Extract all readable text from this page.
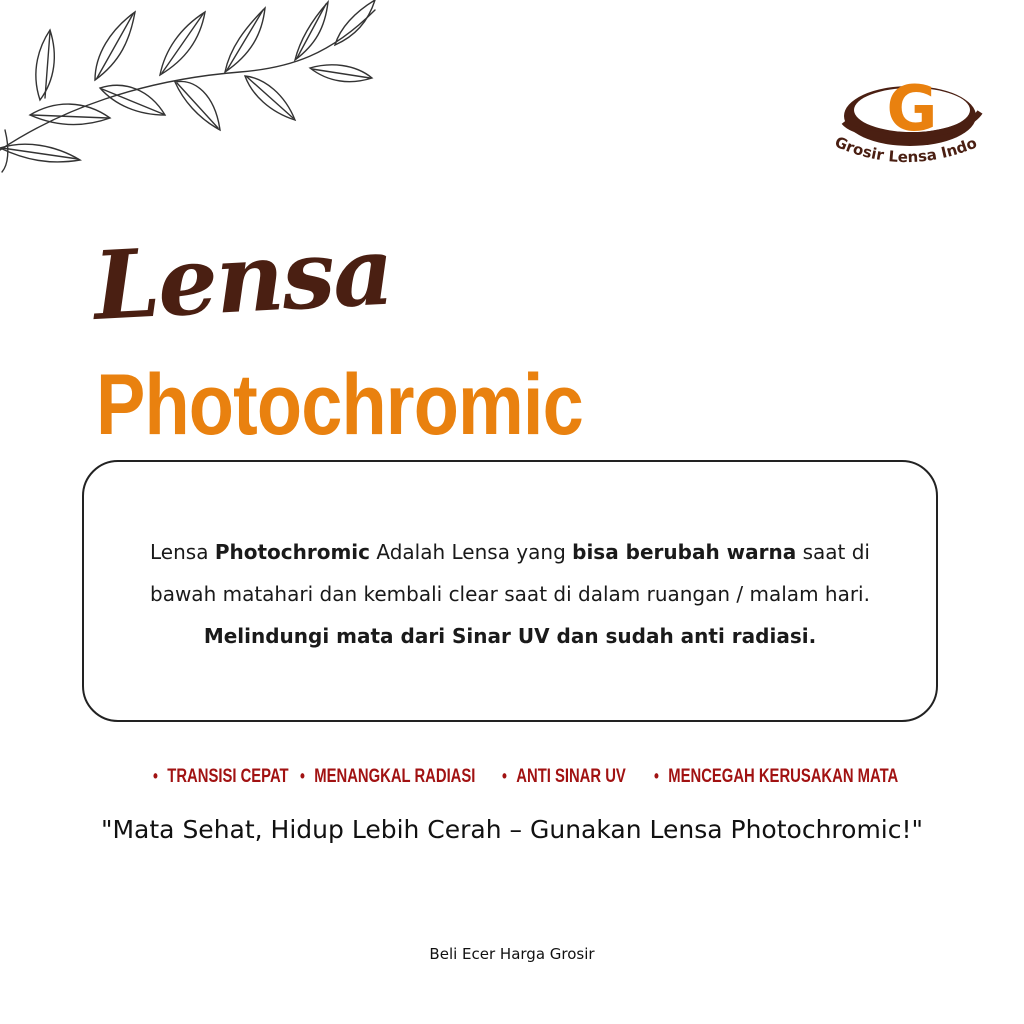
G
Grosir Lensa Indo
Lensa
Photochromic
Lensa Photochromic Adalah Lensa yang bisa berubah warna saat di
bawah matahari dan kembali clear saat di dalam ruangan / malam hari.
Melindungi mata dari Sinar UV dan sudah anti radiasi.
• TRANSISI CEPAT • MENANGKAL RADIASI • ANTI SINAR UV • MENCEGAH KERUSAKAN MATA
"Mata Sehat, Hidup Lebih Cerah – Gunakan Lensa Photochromic!"
Beli Ecer Harga Grosir
